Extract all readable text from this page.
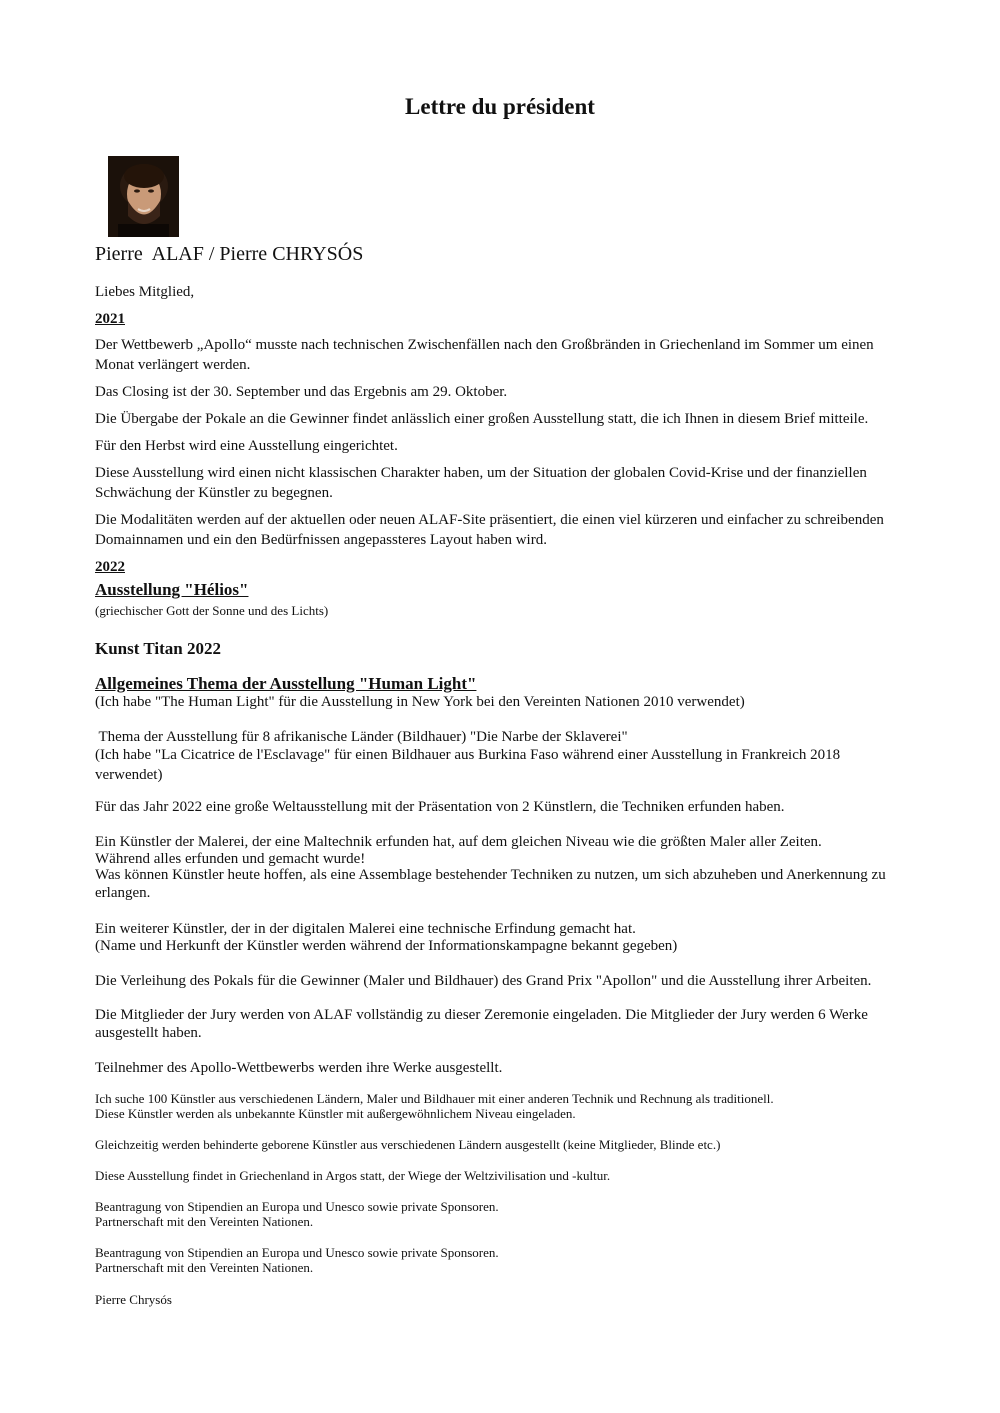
Lettre du président

Pierre  ALAF / Pierre CHRYSÓS

Liebes Mitglied,

2021

Der Wettbewerb „Apollo“ musste nach technischen Zwischenfällen nach den Großbränden in Griechenland im Sommer um einen Monat verlängert werden.

Das Closing ist der 30. September und das Ergebnis am 29. Oktober.

Die Übergabe der Pokale an die Gewinner findet anlässlich einer großen Ausstellung statt, die ich Ihnen in diesem Brief mitteile.

Für den Herbst wird eine Ausstellung eingerichtet.

Diese Ausstellung wird einen nicht klassischen Charakter haben, um der Situation der globalen Covid-Krise und der finanziellen Schwächung der Künstler zu begegnen.

Die Modalitäten werden auf der aktuellen oder neuen ALAF-Site präsentiert, die einen viel kürzeren und einfacher zu schreibenden Domainnamen und ein den Bedürfnissen angepassteres Layout haben wird.

2022

Ausstellung "Hélios"

(griechischer Gott der Sonne und des Lichts)

Kunst Titan 2022

Allgemeines Thema der Ausstellung "Human Light"

(Ich habe "The Human Light" für die Ausstellung in New York bei den Vereinten Nationen 2010 verwendet)

Thema der Ausstellung für 8 afrikanische Länder (Bildhauer) "Die Narbe der Sklaverei"

(Ich habe "La Cicatrice de l'Esclavage" für einen Bildhauer aus Burkina Faso während einer Ausstellung in Frankreich 2018 verwendet)

Für das Jahr 2022 eine große Weltausstellung mit der Präsentation von 2 Künstlern, die Techniken erfunden haben.

Ein Künstler der Malerei, der eine Maltechnik erfunden hat, auf dem gleichen Niveau wie die größten Maler aller Zeiten.

Während alles erfunden und gemacht wurde!

Was können Künstler heute hoffen, als eine Assemblage bestehender Techniken zu nutzen, um sich abzuheben und Anerkennung zu erlangen.

Ein weiterer Künstler, der in der digitalen Malerei eine technische Erfindung gemacht hat.

(Name und Herkunft der Künstler werden während der Informationskampagne bekannt gegeben)

Die Verleihung des Pokals für die Gewinner (Maler und Bildhauer) des Grand Prix "Apollon" und die Ausstellung ihrer Arbeiten.

Die Mitglieder der Jury werden von ALAF vollständig zu dieser Zeremonie eingeladen. Die Mitglieder der Jury werden 6 Werke ausgestellt haben.

Teilnehmer des Apollo-Wettbewerbs werden ihre Werke ausgestellt.

Ich suche 100 Künstler aus verschiedenen Ländern, Maler und Bildhauer mit einer anderen Technik und Rechnung als traditionell.

Diese Künstler werden als unbekannte Künstler mit außergewöhnlichem Niveau eingeladen.

Gleichzeitig werden behinderte geborene Künstler aus verschiedenen Ländern ausgestellt (keine Mitglieder, Blinde etc.)

Diese Ausstellung findet in Griechenland in Argos statt, der Wiege der Weltzivilisation und -kultur.

Beantragung von Stipendien an Europa und Unesco sowie private Sponsoren.

Partnerschaft mit den Vereinten Nationen.

Beantragung von Stipendien an Europa und Unesco sowie private Sponsoren.

Partnerschaft mit den Vereinten Nationen.

Pierre Chrysós
